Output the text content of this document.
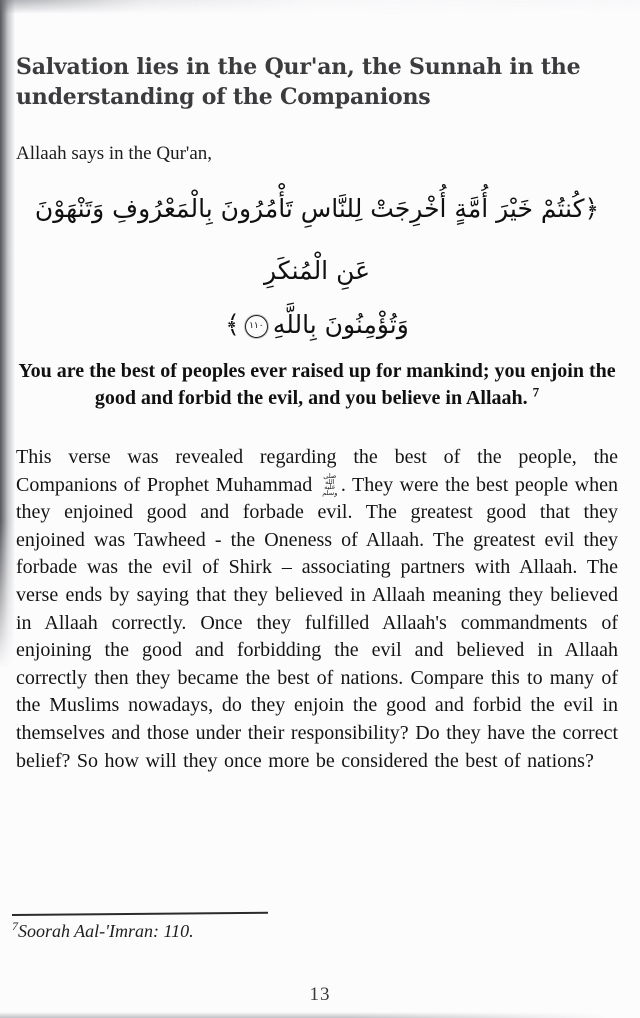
Salvation lies in the Qur'an, the Sunnah in the understanding of the Companions

Allaah says in the Qur'an,

﴿كُنتُمْ خَيْرَ أُمَّةٍ أُخْرِجَتْ لِلنَّاسِ تَأْمُرُونَ بِالْمَعْرُوفِ وَتَنْهَوْنَ عَنِ الْمُنكَرِ
وَتُؤْمِنُونَ بِاللَّهِ١١٠﴾

You are the best of peoples ever raised up for mankind; you enjoin the good and forbid the evil, and you believe in Allaah. $^7$

This verse was revealed regarding the best of the people, the Companions of Prophet Muhammad صلى الله عليه وسلم . They were the best people when they enjoined good and forbade evil. The greatest good that they enjoined was Tawheed - the Oneness of Allaah. The greatest evil they forbade was the evil of Shirk – associating partners with Allaah. The verse ends by saying that they believed in Allaah meaning they believed in Allaah correctly. Once they fulfilled Allaah's commandments of enjoining the good and forbidding the evil and believed in Allaah correctly then they became the best of nations. Compare this to many of the Muslims nowadays, do they enjoin the good and forbid the evil in themselves and those under their responsibility? Do they have the correct belief? So how will they once more be considered the best of nations?

$^7$Soorah Aal-'Imran: 110.
13
